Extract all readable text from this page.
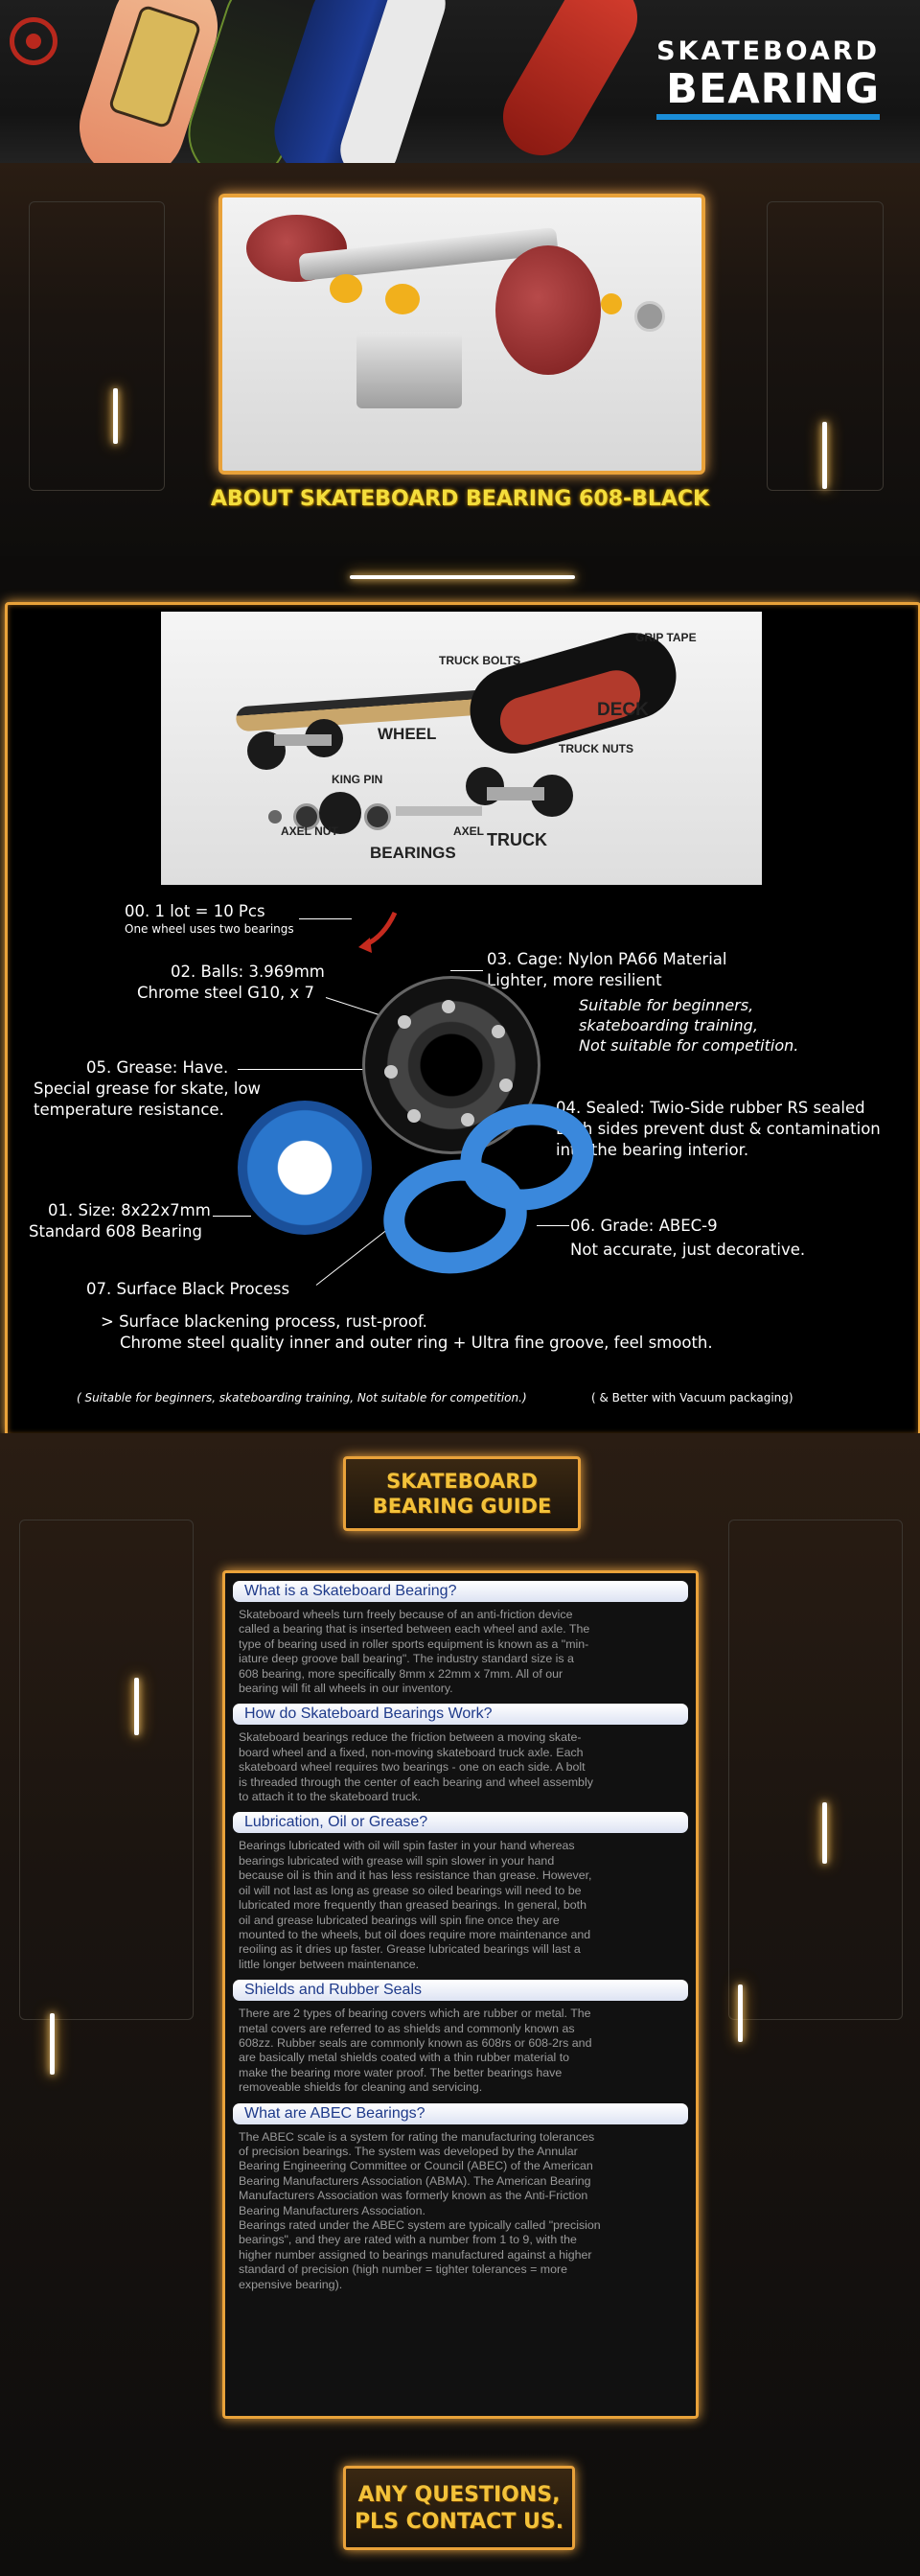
SKATEBOARD
BEARING
ABOUT SKATEBOARD BEARING 608-BLACK
GRIP TAPE
TRUCK BOLTS
DECK
WHEEL
TRUCK NUTS
KING PIN
AXEL NUT	AXEL TRUCK
BEARINGS
00. 1 lot = 10 Pcs
One wheel uses two bearings
02. Balls: 3.969mm
Chrome steel G10, x 7
03. Cage: Nylon PA66 Material
Lighter, more resilient
Suitable for beginners,
skateboarding training,
Not suitable for competition.
05. Grease: Have.
Special grease for skate, low
temperature resistance.	04. Sealed: Twio-Side rubber RS sealed
Both sides prevent dust & contamination
into the bearing interior.
01. Size: 8x22x7mm
Standard 608 Bearing	06. Grade: ABEC-9
Not accurate, just decorative.
07. Surface Black Process
> Surface blackening process, rust-proof.
Chrome steel quality inner and outer ring + Ultra fine groove, feel smooth.
( Suitable for beginners, skateboarding training, Not suitable for competition.)	( & Better with Vacuum packaging)
SKATEBOARD
BEARING GUIDE
What is a Skateboard Bearing?
Skateboard wheels turn freely because of an anti-friction device
called a bearing that is inserted between each wheel and axle. The
type of bearing used in roller sports equipment is known as a "min-
iature deep groove ball bearing". The industry standard size is a
608 bearing, more specifically 8mm x 22mm x 7mm. All of our
bearing will fit all wheels in our inventory.
How do Skateboard Bearings Work?
Skateboard bearings reduce the friction between a moving skate-
board wheel and a fixed, non-moving skateboard truck axle. Each
skateboard wheel requires two bearings - one on each side. A bolt
is threaded through the center of each bearing and wheel assembly
to attach it to the skateboard truck.
Lubrication, Oil or Grease?
Bearings lubricated with oil will spin faster in your hand whereas
bearings lubricated with grease will spin slower in your hand
because oil is thin and it has less resistance than grease. However,
oil will not last as long as grease so oiled bearings will need to be
lubricated more frequently than greased bearings. In general, both
oil and grease lubricated bearings will spin fine once they are
mounted to the wheels, but oil does require more maintenance and
reoiling as it dries up faster. Grease lubricated bearings will last a
little longer between maintenance.
Shields and Rubber Seals
There are 2 types of bearing covers which are rubber or metal. The
metal covers are referred to as shields and commonly known as
608zz. Rubber seals are commonly known as 608rs or 608-2rs and
are basically metal shields coated with a thin rubber material to
make the bearing more water proof. The better bearings have
removeable shields for cleaning and servicing.
What are ABEC Bearings?
The ABEC scale is a system for rating the manufacturing tolerances
of precision bearings. The system was developed by the Annular
Bearing Engineering Committee or Council (ABEC) of the American
Bearing Manufacturers Association (ABMA). The American Bearing
Manufacturers Association was formerly known as the Anti-Friction
Bearing Manufacturers Association.
Bearings rated under the ABEC system are typically called "precision
bearings", and they are rated with a number from 1 to 9, with the
higher number assigned to bearings manufactured against a higher
standard of precision (high number = tighter tolerances = more
expensive bearing).
ANY QUESTIONS,
PLS CONTACT US.
